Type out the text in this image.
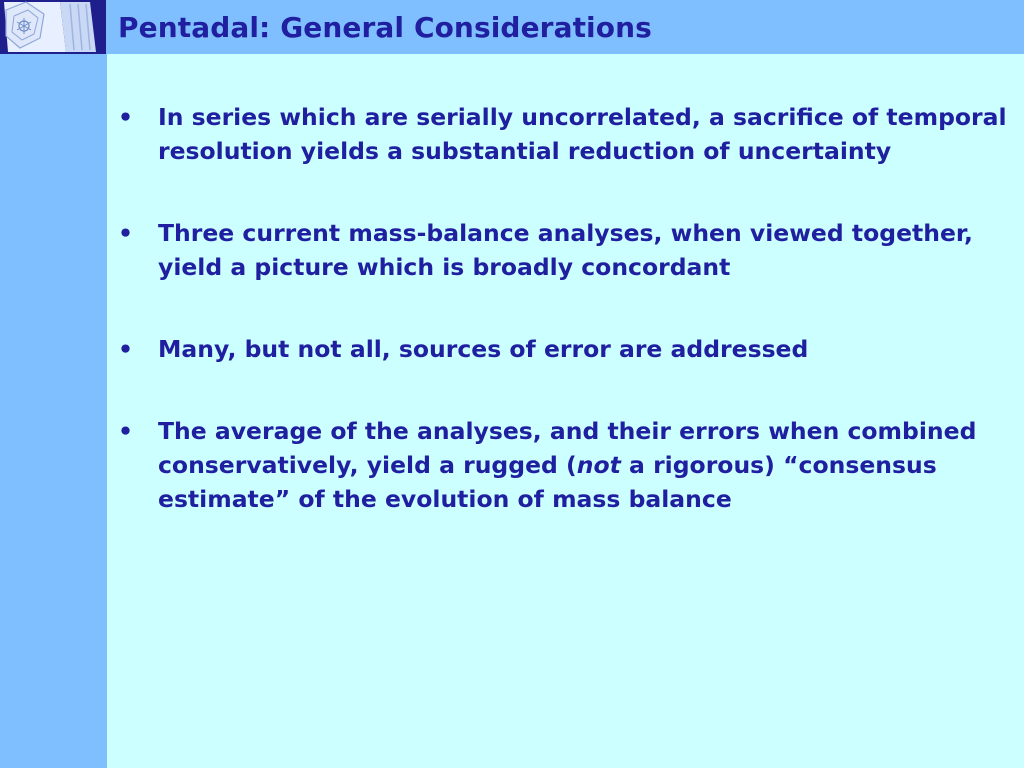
Pentadal: General Considerations
• In series which are serially uncorrelated, a sacrifice of temporal resolution yields a substantial reduction of uncertainty
• Three current mass-balance analyses, when viewed together, yield a picture which is broadly concordant
• Many, but not all, sources of error are addressed
• The average of the analyses, and their errors when combined conservatively, yield a rugged (not a rigorous) “consensus estimate” of the evolution of mass balance
